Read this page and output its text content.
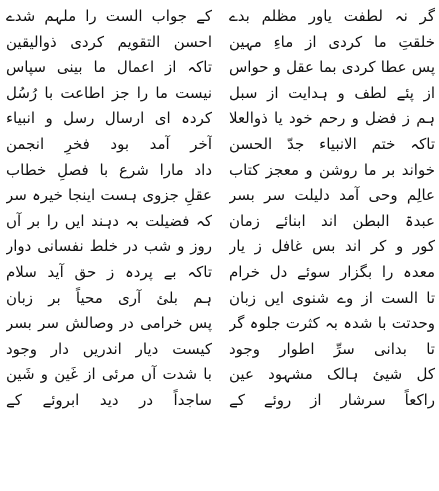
گر نہ لطفت یاور مظلم بدے
خلقتِ ما کردی از ماءِ مہین
پس عطا کردی بما عقل و حواس
از پئے لطف و ہدایت از سبل
ہم ز فضل و رحم خود یا ذوالعلا
تاکہ ختم الانبیاء جدّ الحسن
خواند بر ما روشن و معجز کتاب
عالِم وحی آمد دلیلت سر بسر
عبدۃ البطن اند ابنائے زمان
کور و کر اند بس غافل ز یار
معدہ را بگزار سوئے دل خرام
تا الست از وے شنوی ایں زبان
وحدتت با شدہ بہ کثرت جلوہ گر
تا بدانی سرِّ اطوار وجود
کل شیئ ہالک مشہود عین
راکعاً سرشار از روئے کے
کے جواب الست را ملہم شدے
احسن التقویم کردی ذوالیقین
تاکہ از اعمال ما بینی سپاس
نیست ما را جز اطاعت با رُسُل
کردہ ای ارسال رسل و انبیاء
آخر آمد بود فخرِ انجمن
داد مارا شرع با فصلِ خطاب
عقلِ جزوی ہست اینجا خیرہ سر
کہ فضیلت بہ دہند ایں را بر آں
روز و شب در خلط نفسانی دوار
تاکہ بے پردہ ز حق آید سلام
ہم بلئ آری محیاً بر زبان
پس خرامی در وصالش سر بسر
کیست دیار اندریں دار وجود
با شدت آں مرئی از غَین و شَین
ساجداً در دید ابروئے کے
